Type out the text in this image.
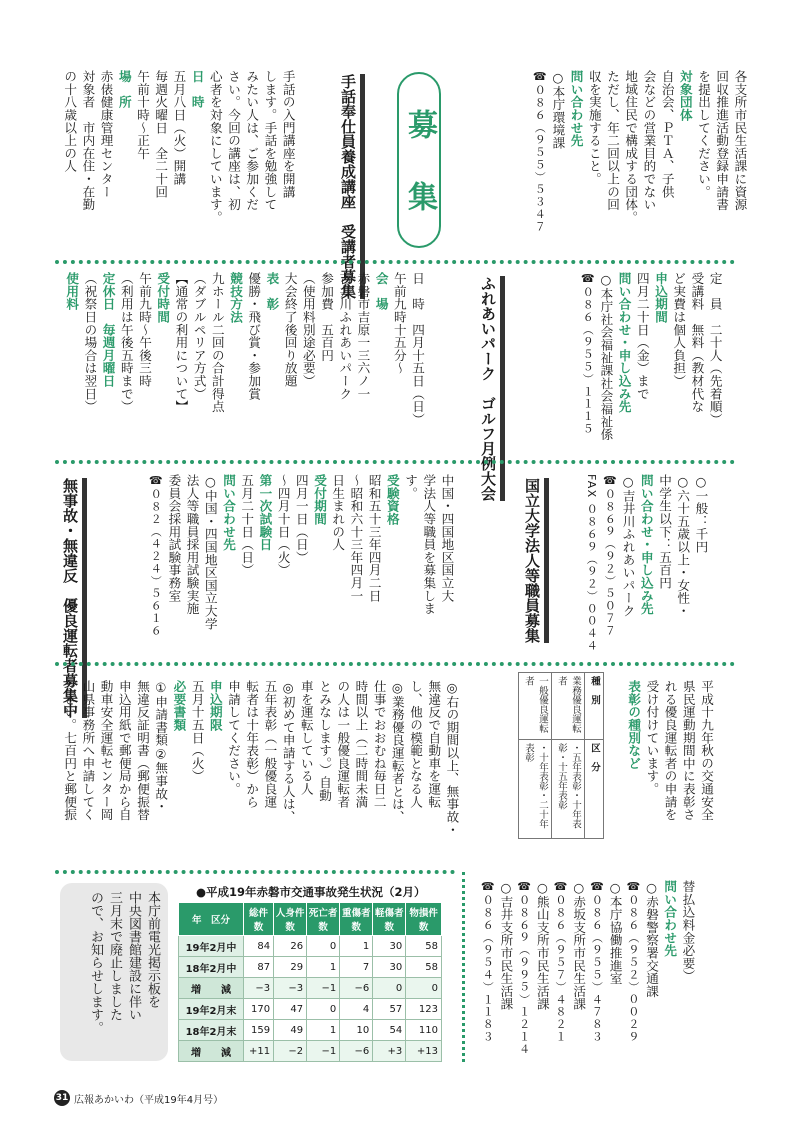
各支所市民生活課に資源
回収推進活動登録申請書
を提出してください。
対象団体
自治会、ＰＴＡ、子供
会などの営業目的でない
地域住民で構成する団体。
ただし、年二回以上の回
収を実施すること。
問い合わせ先
○本庁環境課
☎０８６（９５５）５３４７
募
集
手話奉仕員養成講座　受講者募集
手話の入門講座を開講
します。手話を勉強して
みたい人は、ご参加くだ
さい。今回の講座は、初
心者を対象にしています。
日　時
五月八日（火）開講
毎週火曜日　全二十回
午前十時～正午
場　所
赤俵健康管理センター
対象者　市内在住・在勤
の十八歳以上の人
定　員　二十人（先着順）
受講料　無料（教材代な
ど実費は個人負担）
申込期間
四月二十日（金）まで
問い合わせ・申し込み先
○本庁社会福祉課社会福祉係
☎０８６（９５５）１１１５
ふれあいパーク　ゴルフ月例大会
日　時　四月十五日（日）
午前九時十五分～
会　場
赤磐市吉原一三六ノ一
吉井川ふれあいパーク
参加費　五百円
（使用料別途必要）
大会終了後回り放題
表　彰
優勝・飛び賞・参加賞
競技方法
九ホール二回の合計得点
（ダブルペリア方式）
【通常の利用について】
受付時間
午前九時～午後三時
（利用は午後五時まで）
定休日　毎週月曜日
（祝祭日の場合は翌日）
使用料
○一般：千円
○六十五歳以上・女性・
中学生以下：五百円
問い合わせ・申し込み先
○吉井川ふれあいパーク
☎０８６９（９２）５０７７
FAX ０８６９（９２）００４４
国立大学法人等職員募集
中国・四国地区国立大
学法人等職員を募集しま
す。
受験資格
昭和五十三年四月二日
～昭和六十三年四月一
日生まれの人
受付期間
四月一日（日）
～四月十日（火）
第一次試験日
五月二十日（日）
問い合わせ先
○中国・四国地区国立大学
法人等職員採用試験実施
委員会採用試験事務室
☎０８２（４２４）５６１６
無事故・無違反　優良運転者募集中
平成十九年秋の交通安全
県民運動期間中に表彰さ
れる優良運転者の申請を
受け付けています。
表彰の種別など
一般優良運転者	業務優良運転者	種　別
・十年表彰・二十年表彰	・五年表彰・十年表彰・十五年表彰	区　分
◎右の期間以上、無事故・
無違反で自動車を運転
し、他の模範となる人
◎業務優良運転者とは、
仕事でおおむね毎日二
時間以上（二時間未満
の人は一般優良運転者
とみなします。）自動
車を運転している人
◎初めて申請する人は、
五年表彰（一般優良運
転者は十年表彰）から
申請してください。
申込期限
五月十五日（火）
必要書類
①申請書類②無事故・
無違反証明書（郵便振替
申込用紙で郵便局から自
動車安全運転センター岡
山県事務所へ申請してく
ださい。七百円と郵便振
替払込料金必要）
問い合わせ先
○赤磐警察署交通課
☎０８６（９５２）００２９
○本庁協働推進室
☎０８６（９５５）４７８３
○赤坂支所市民生活課
☎０８６（９５７）４８２１
○熊山支所市民生活課
☎０８６９（９９５）１２１４
○吉井支所市民生活課
☎０８６（９５４）１１８３
●平成19年赤磐市交通事故発生状況（2月）
年　区分	総件数	人身件数	死亡者数	重傷者数	軽傷者数	物損件数
19年2月中	84	26	0	1	30	58
18年2月中	87	29	1	7	30	58
増　　減	−3	−3	−1	−6	0	0
19年2月末	170	47	0	4	57	123
18年2月末	159	49	1	10	54	110
増　　減	+11	−2	−1	−6	+3	+13
本庁前電光掲示板を
中央図書館建設に伴い
三月末で廃止しました
ので、お知らせします。
31 広報あかいわ（平成19年4月号）
